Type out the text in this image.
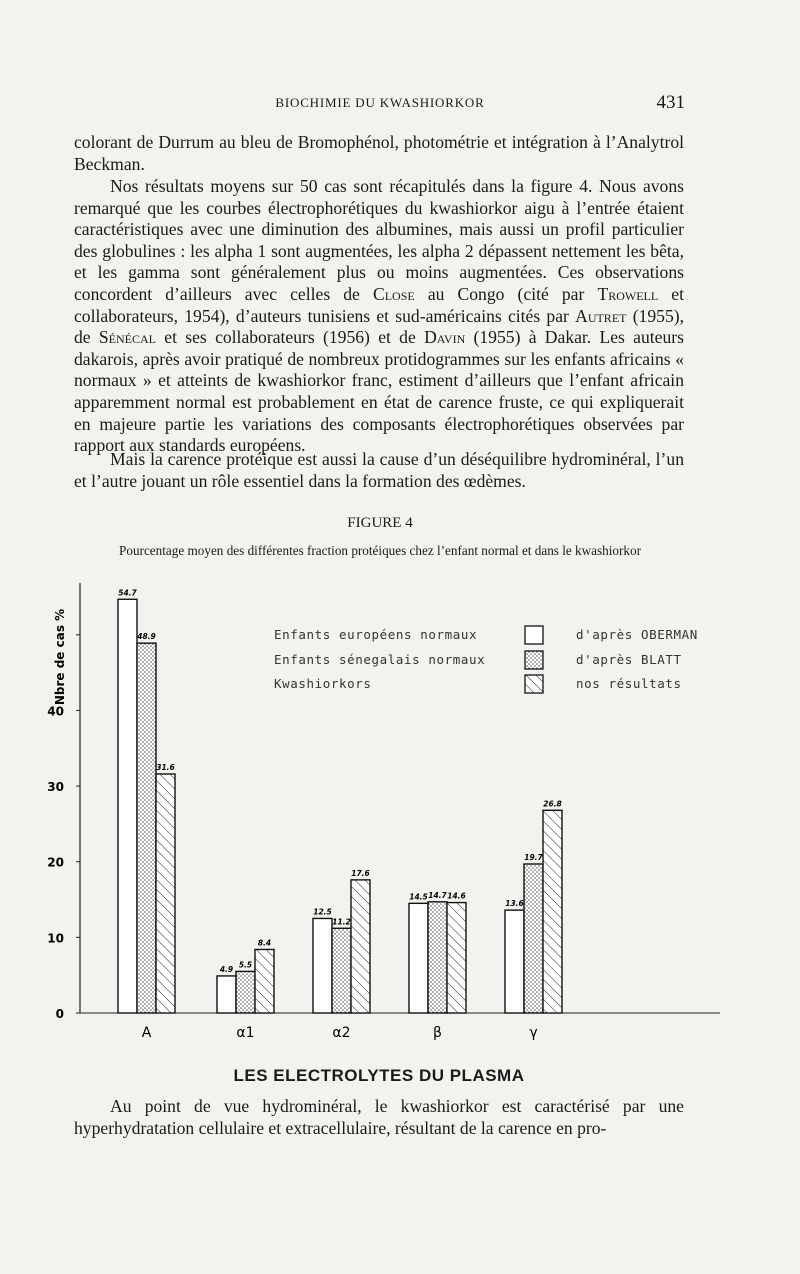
BIOCHIMIE DU KWASHIORKOR	431

colorant de Durrum au bleu de Bromophénol, photométrie et intégration à l’Analytrol Beckman.

Nos résultats moyens sur 50 cas sont récapitulés dans la figure 4. Nous avons remarqué que les courbes électrophorétiques du kwashiorkor aigu à l’entrée étaient caractéristiques avec une diminution des albumines, mais aussi un profil particulier des globulines : les alpha 1 sont augmentées, les alpha 2 dépassent nettement les bêta, et les gamma sont généralement plus ou moins augmentées. Ces observations concordent d’ailleurs avec celles de Close au Congo (cité par Trowell et collaborateurs, 1954), d’auteurs tunisiens et sud-américains cités par Autret (1955), de Sénécal et ses collaborateurs (1956) et de Davin (1955) à Dakar. Les auteurs dakarois, après avoir pratiqué de nombreux protidogrammes sur les enfants africains « normaux » et atteints de kwashiorkor franc, estiment d’ailleurs que l’enfant africain apparemment normal est probablement en état de carence fruste, ce qui expliquerait en majeure partie les variations des composants électrophorétiques observées par rapport aux standards européens.

Mais la carence protéique est aussi la cause d’un déséquilibre hydrominéral, l’un et l’autre jouant un rôle essentiel dans la formation des œdèmes.

FIGURE 4
Pourcentage moyen des différentes fraction protéiques chez l’enfant normal et dans le kwashiorkor
0
10
20
30
40
Nbre de cas %
54.7
48.9
31.6
A
4.9
5.5
8.4
α1
12.5
11.2
17.6
α2
14.5 14.7 14.6
β
13.6
19.7
26.8
γ
Enfants européens normaux	d'après OBERMAN
Enfants sénegalais normaux	d'après BLATT
Kwashiorkors	nos résultats
LES ELECTROLYTES DU PLASMA

Au point de vue hydrominéral, le kwashiorkor est caractérisé par une hyperhydratation cellulaire et extracellulaire, résultant de la carence en pro-
